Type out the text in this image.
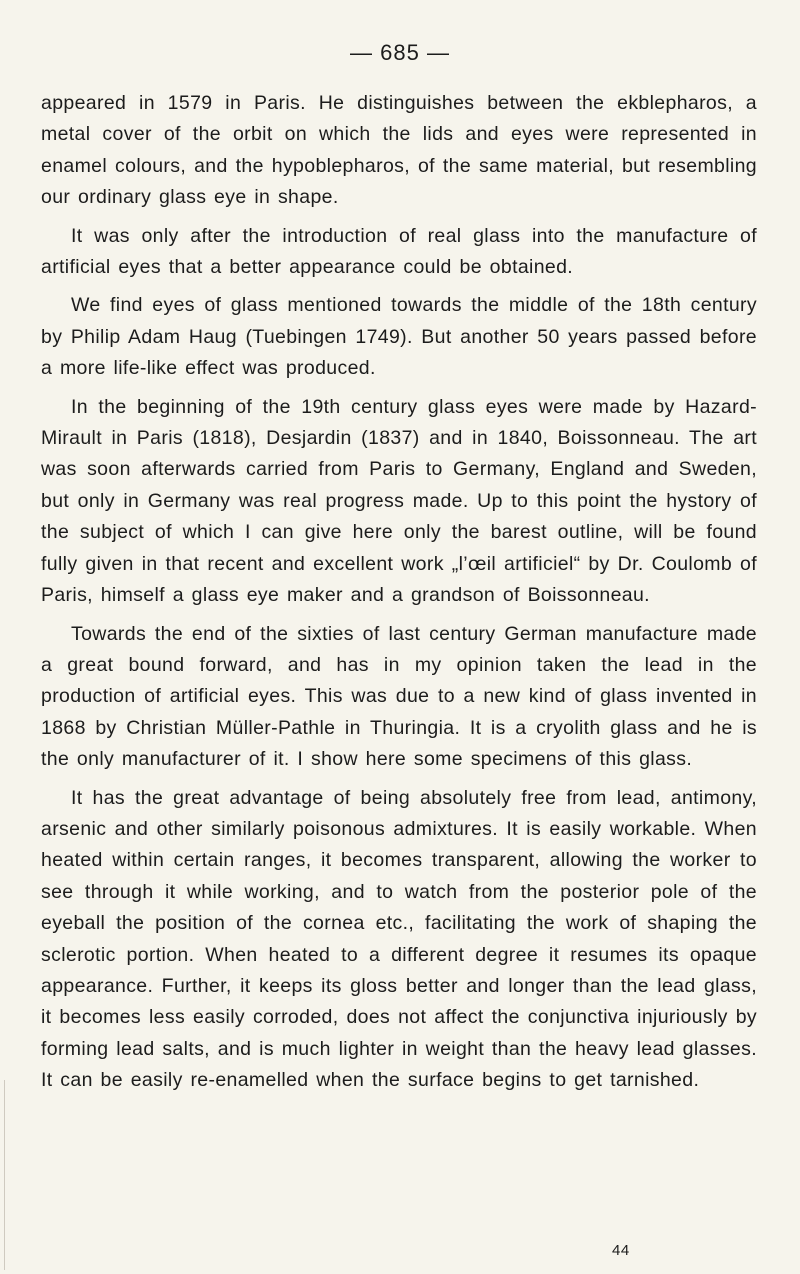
— 685 —

appeared in 1579 in Paris. He distinguishes between the ekblepharos, a metal cover of the orbit on which the lids and eyes were represented in enamel colours, and the hypoblepharos, of the same material, but resembling our ordinary glass eye in shape.

It was only after the introduction of real glass into the manufacture of artificial eyes that a better appearance could be obtained.

We find eyes of glass mentioned towards the middle of the 18th century by Philip Adam Haug (Tuebingen 1749). But another 50 years passed before a more life-like effect was produced.

In the beginning of the 19th century glass eyes were made by Hazard-Mirault in Paris (1818), Desjardin (1837) and in 1840, Boissonneau. The art was soon afterwards carried from Paris to Germany, England and Sweden, but only in Germany was real progress made. Up to this point the hystory of the subject of which I can give here only the barest outline, will be found fully given in that recent and excellent work „l’œil artificiel“ by Dr. Coulomb of Paris, himself a glass eye maker and a grandson of Boissonneau.

Towards the end of the sixties of last century German manufacture made a great bound forward, and has in my opinion taken the lead in the production of artificial eyes. This was due to a new kind of glass invented in 1868 by Christian Müller-Pathle in Thuringia. It is a cryolith glass and he is the only manufacturer of it. I show here some specimens of this glass.

It has the great advantage of being absolutely free from lead, antimony, arsenic and other similarly poisonous admixtures. It is easily workable. When heated within certain ranges, it becomes transparent, allowing the worker to see through it while working, and to watch from the posterior pole of the eyeball the position of the cornea etc., facilitating the work of shaping the sclerotic portion. When heated to a different degree it resumes its opaque appearance. Further, it keeps its gloss better and longer than the lead glass, it becomes less easily corroded, does not affect the conjunctiva injuriously by forming lead salts, and is much lighter in weight than the heavy lead glasses. It can be easily re-enamelled when the surface begins to get tarnished.

44
